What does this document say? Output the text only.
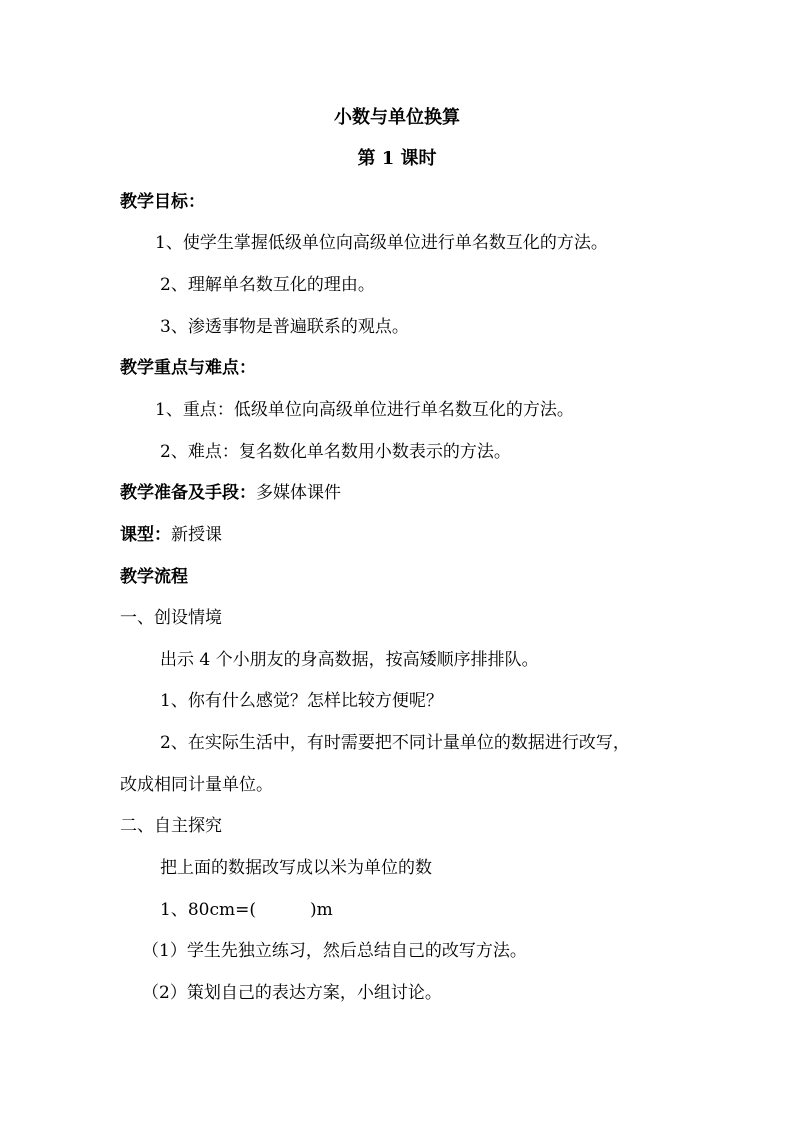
小数与单位换算
第 1 课时
教学目标：
1、使学生掌握低级单位向高级单位进行单名数互化的方法。
2、理解单名数互化的理由。
3、渗透事物是普遍联系的观点。
教学重点与难点：
1、重点：低级单位向高级单位进行单名数互化的方法。
2、难点：复名数化单名数用小数表示的方法。
教学准备及手段：多媒体课件
课型：新授课
教学流程
一、创设情境
出示 4 个小朋友的身高数据，按高矮顺序排排队。
1、你有什么感觉？怎样比较方便呢？
2、在实际生活中，有时需要把不同计量单位的数据进行改写，
改成相同计量单位。
二、自主探究
把上面的数据改写成以米为单位的数
1、80cm=(	)m
（1）学生先独立练习，然后总结自己的改写方法。
（2）策划自己的表达方案，小组讨论。
